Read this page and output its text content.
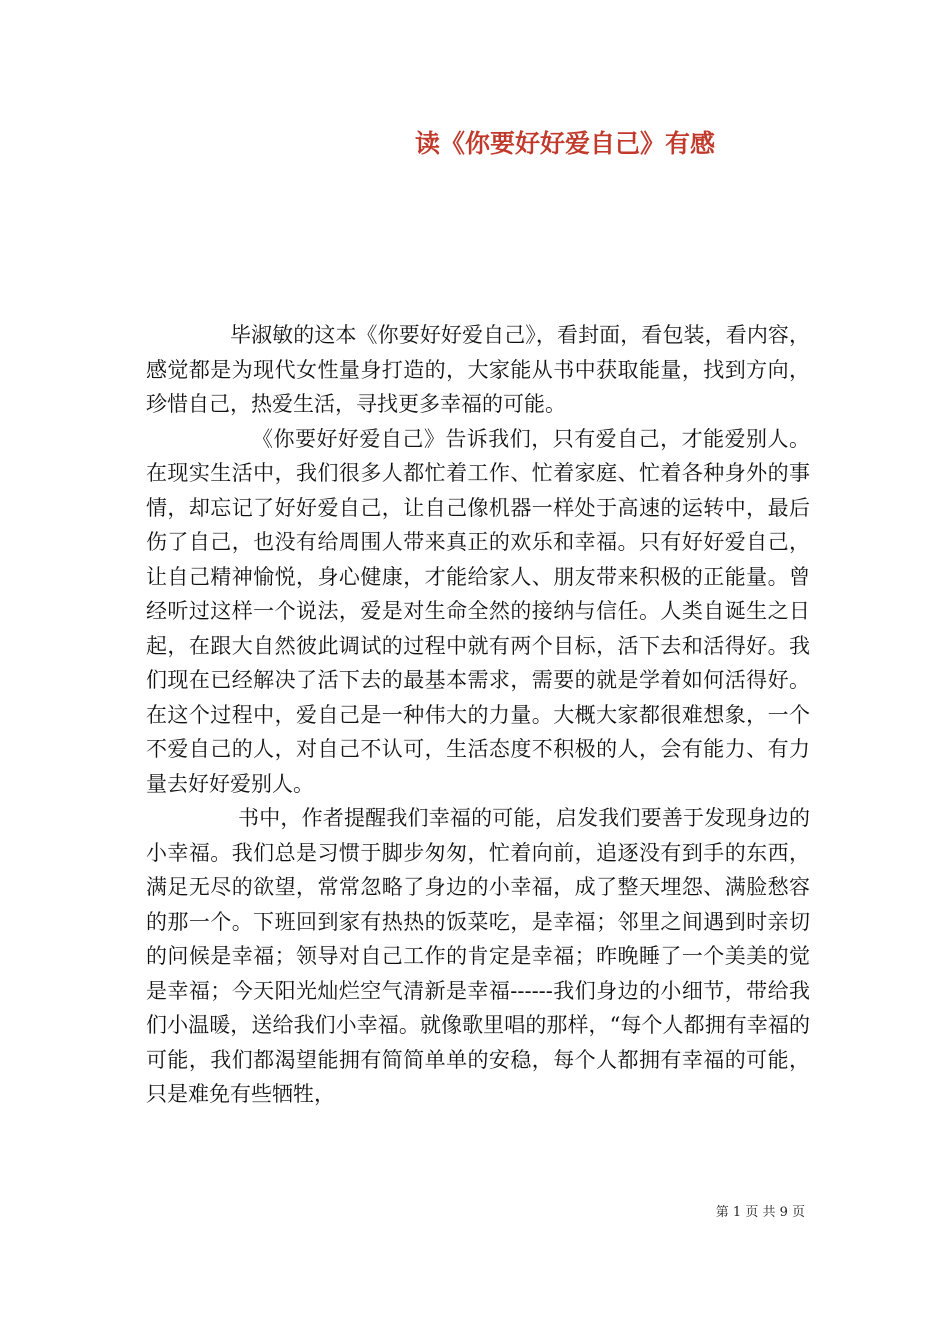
读《你要好好爱自己》有感

毕淑敏的这本《你要好好爱自己》，看封面，看包装，看内容，感觉都是为现代女性量身打造的，大家能从书中获取能量，找到方向，珍惜自己，热爱生活，寻找更多幸福的可能。

《你要好好爱自己》告诉我们，只有爱自己，才能爱别人。在现实生活中，我们很多人都忙着工作、忙着家庭、忙着各种身外的事情，却忘记了好好爱自己，让自己像机器一样处于高速的运转中，最后伤了自己，也没有给周围人带来真正的欢乐和幸福。只有好好爱自己，让自己精神愉悦，身心健康，才能给家人、朋友带来积极的正能量。曾经听过这样一个说法，爱是对生命全然的接纳与信任。人类自诞生之日起，在跟大自然彼此调试的过程中就有两个目标，活下去和活得好。我们现在已经解决了活下去的最基本需求，需要的就是学着如何活得好。在这个过程中，爱自己是一种伟大的力量。大概大家都很难想象，一个不爱自己的人，对自己不认可，生活态度不积极的人，会有能力、有力量去好好爱别人。

书中，作者提醒我们幸福的可能，启发我们要善于发现身边的小幸福。我们总是习惯于脚步匆匆，忙着向前，追逐没有到手的东西，满足无尽的欲望，常常忽略了身边的小幸福，成了整天埋怨、满脸愁容的那一个。下班回到家有热热的饭菜吃，是幸福；邻里之间遇到时亲切的问候是幸福；领导对自己工作的肯定是幸福；昨晚睡了一个美美的觉是幸福；今天阳光灿烂空气清新是幸福------我们身边的小细节，带给我们小温暖，送给我们小幸福。就像歌里唱的那样，“每个人都拥有幸福的可能，我们都渴望能拥有简简单单的安稳，每个人都拥有幸福的可能，只是难免有些牺牲，

第 1 页 共 9 页
